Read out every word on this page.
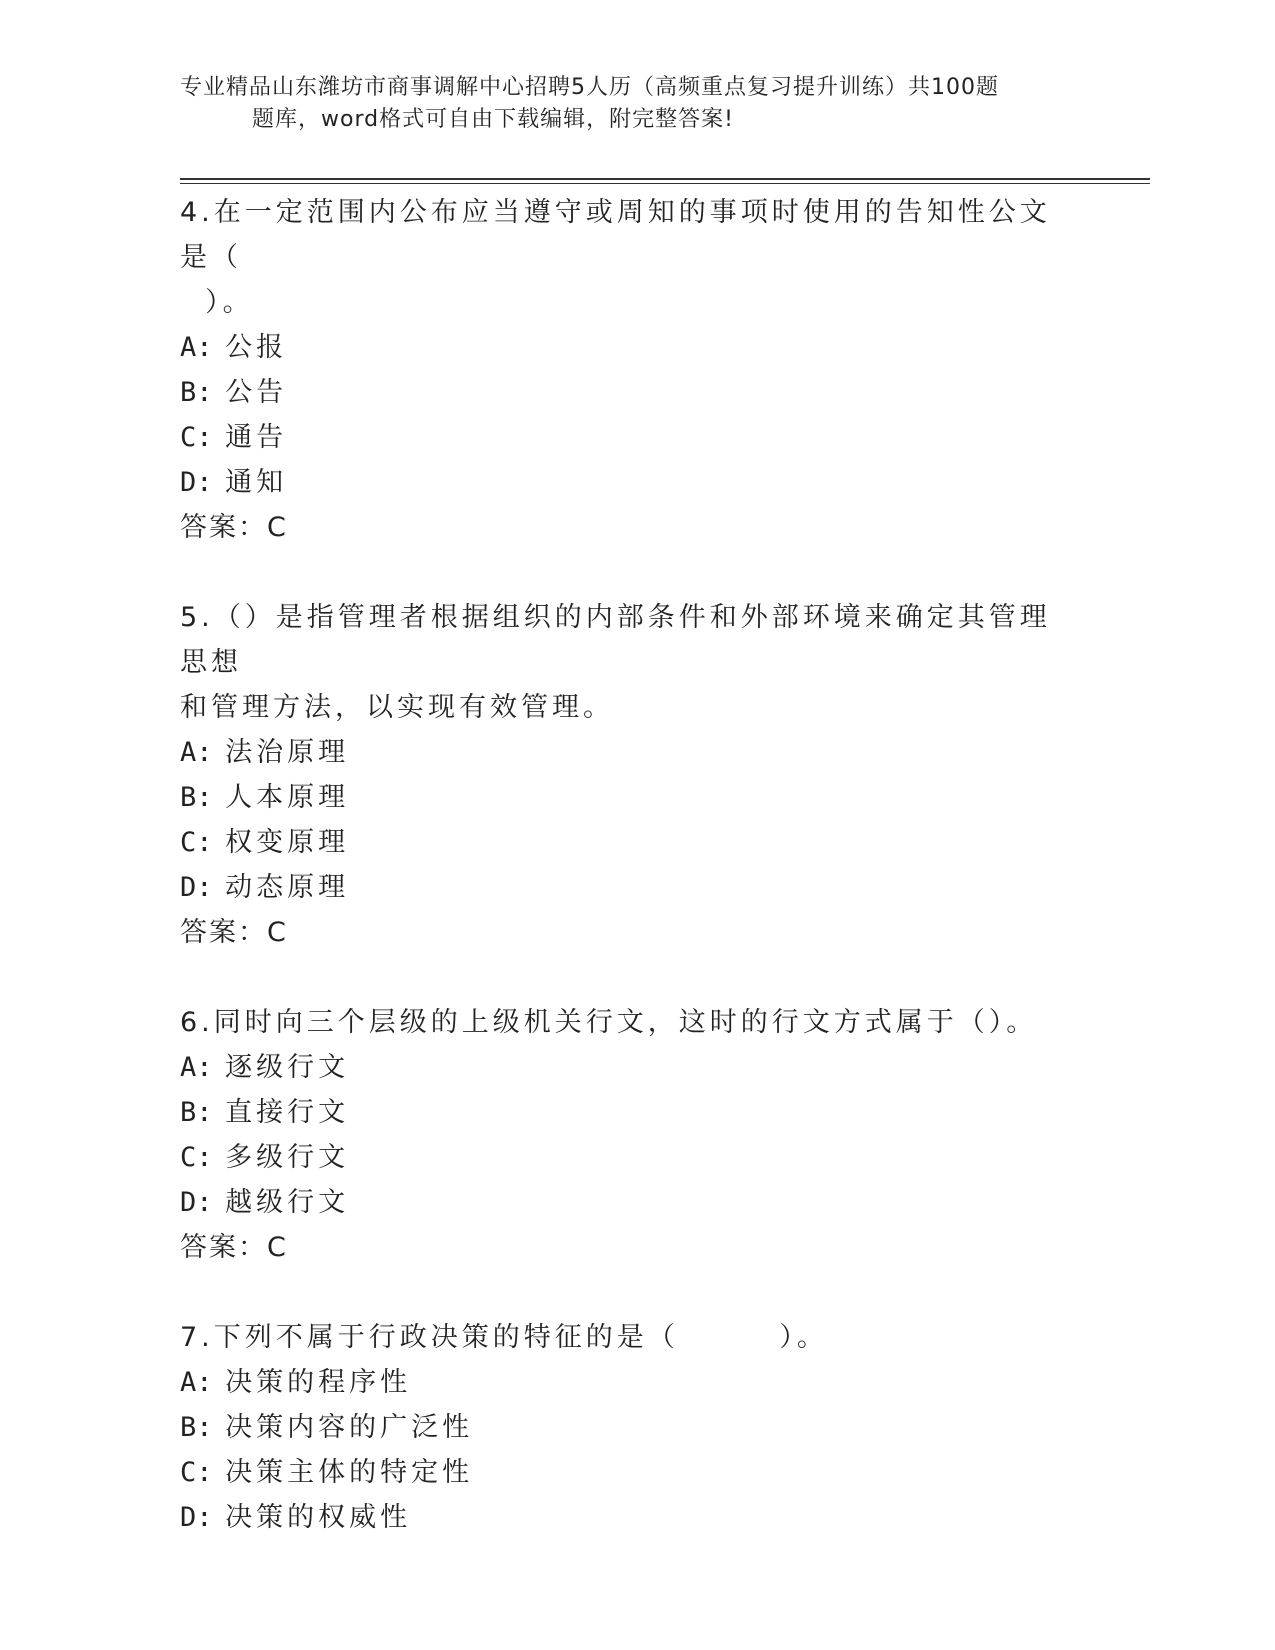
专业精品山东潍坊市商事调解中心招聘5人历（高频重点复习提升训练）共100题
题库，word格式可自由下载编辑，附完整答案!
4.在一定范围内公布应当遵守或周知的事项时使用的告知性公文是（
）。
A: 公报
B: 公告
C: 通告
D: 通知
答案：C
5.（）是指管理者根据组织的内部条件和外部环境来确定其管理思想
和管理方法，以实现有效管理。
A: 法治原理
B: 人本原理
C: 权变原理
D: 动态原理
答案：C
6.同时向三个层级的上级机关行文，这时的行文方式属于（）。
A: 逐级行文
B: 直接行文
C: 多级行文
D: 越级行文
答案：C
7.下列不属于行政决策的特征的是（        ）。
A: 决策的程序性
B: 决策内容的广泛性
C: 决策主体的特定性
D: 决策的权威性
